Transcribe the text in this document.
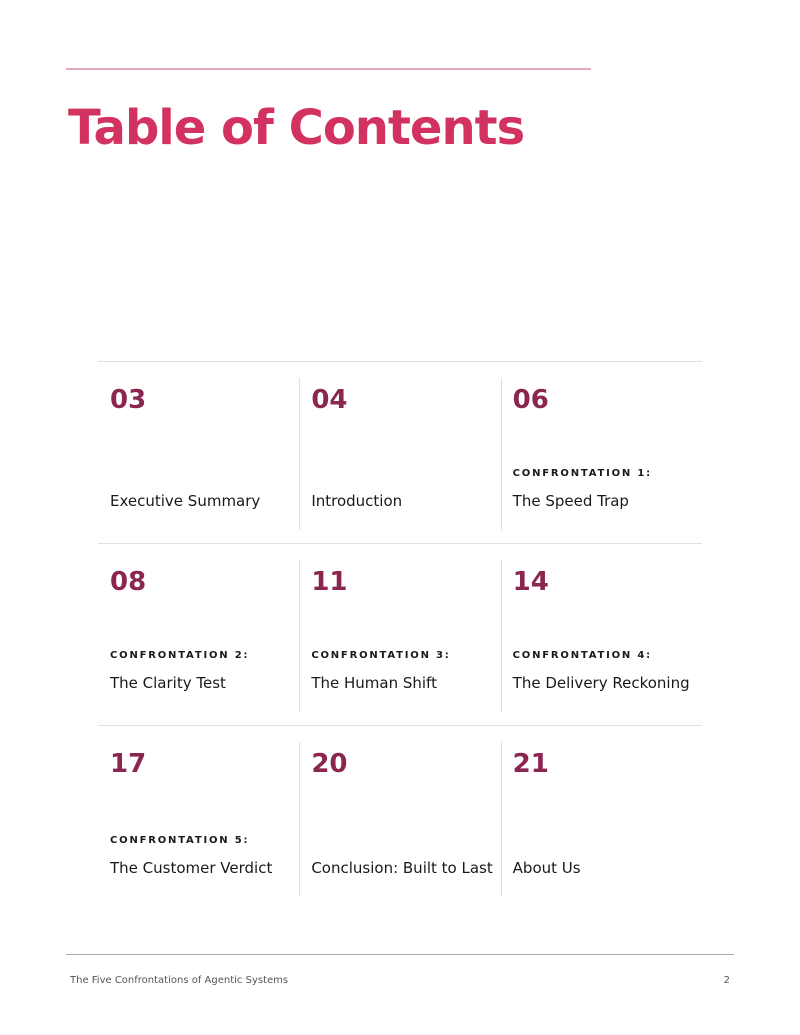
Table of Contents
03
Executive Summary
04
Introduction
06
CONFRONTATION 1:
The Speed Trap
08
CONFRONTATION 2:
The Clarity Test
11
CONFRONTATION 3:
The Human Shift
14
CONFRONTATION 4:
The Delivery Reckoning
17
CONFRONTATION 5:
The Customer Verdict
20
Conclusion: Built to Last
21
About Us
The Five Confrontations of Agentic Systems	2
